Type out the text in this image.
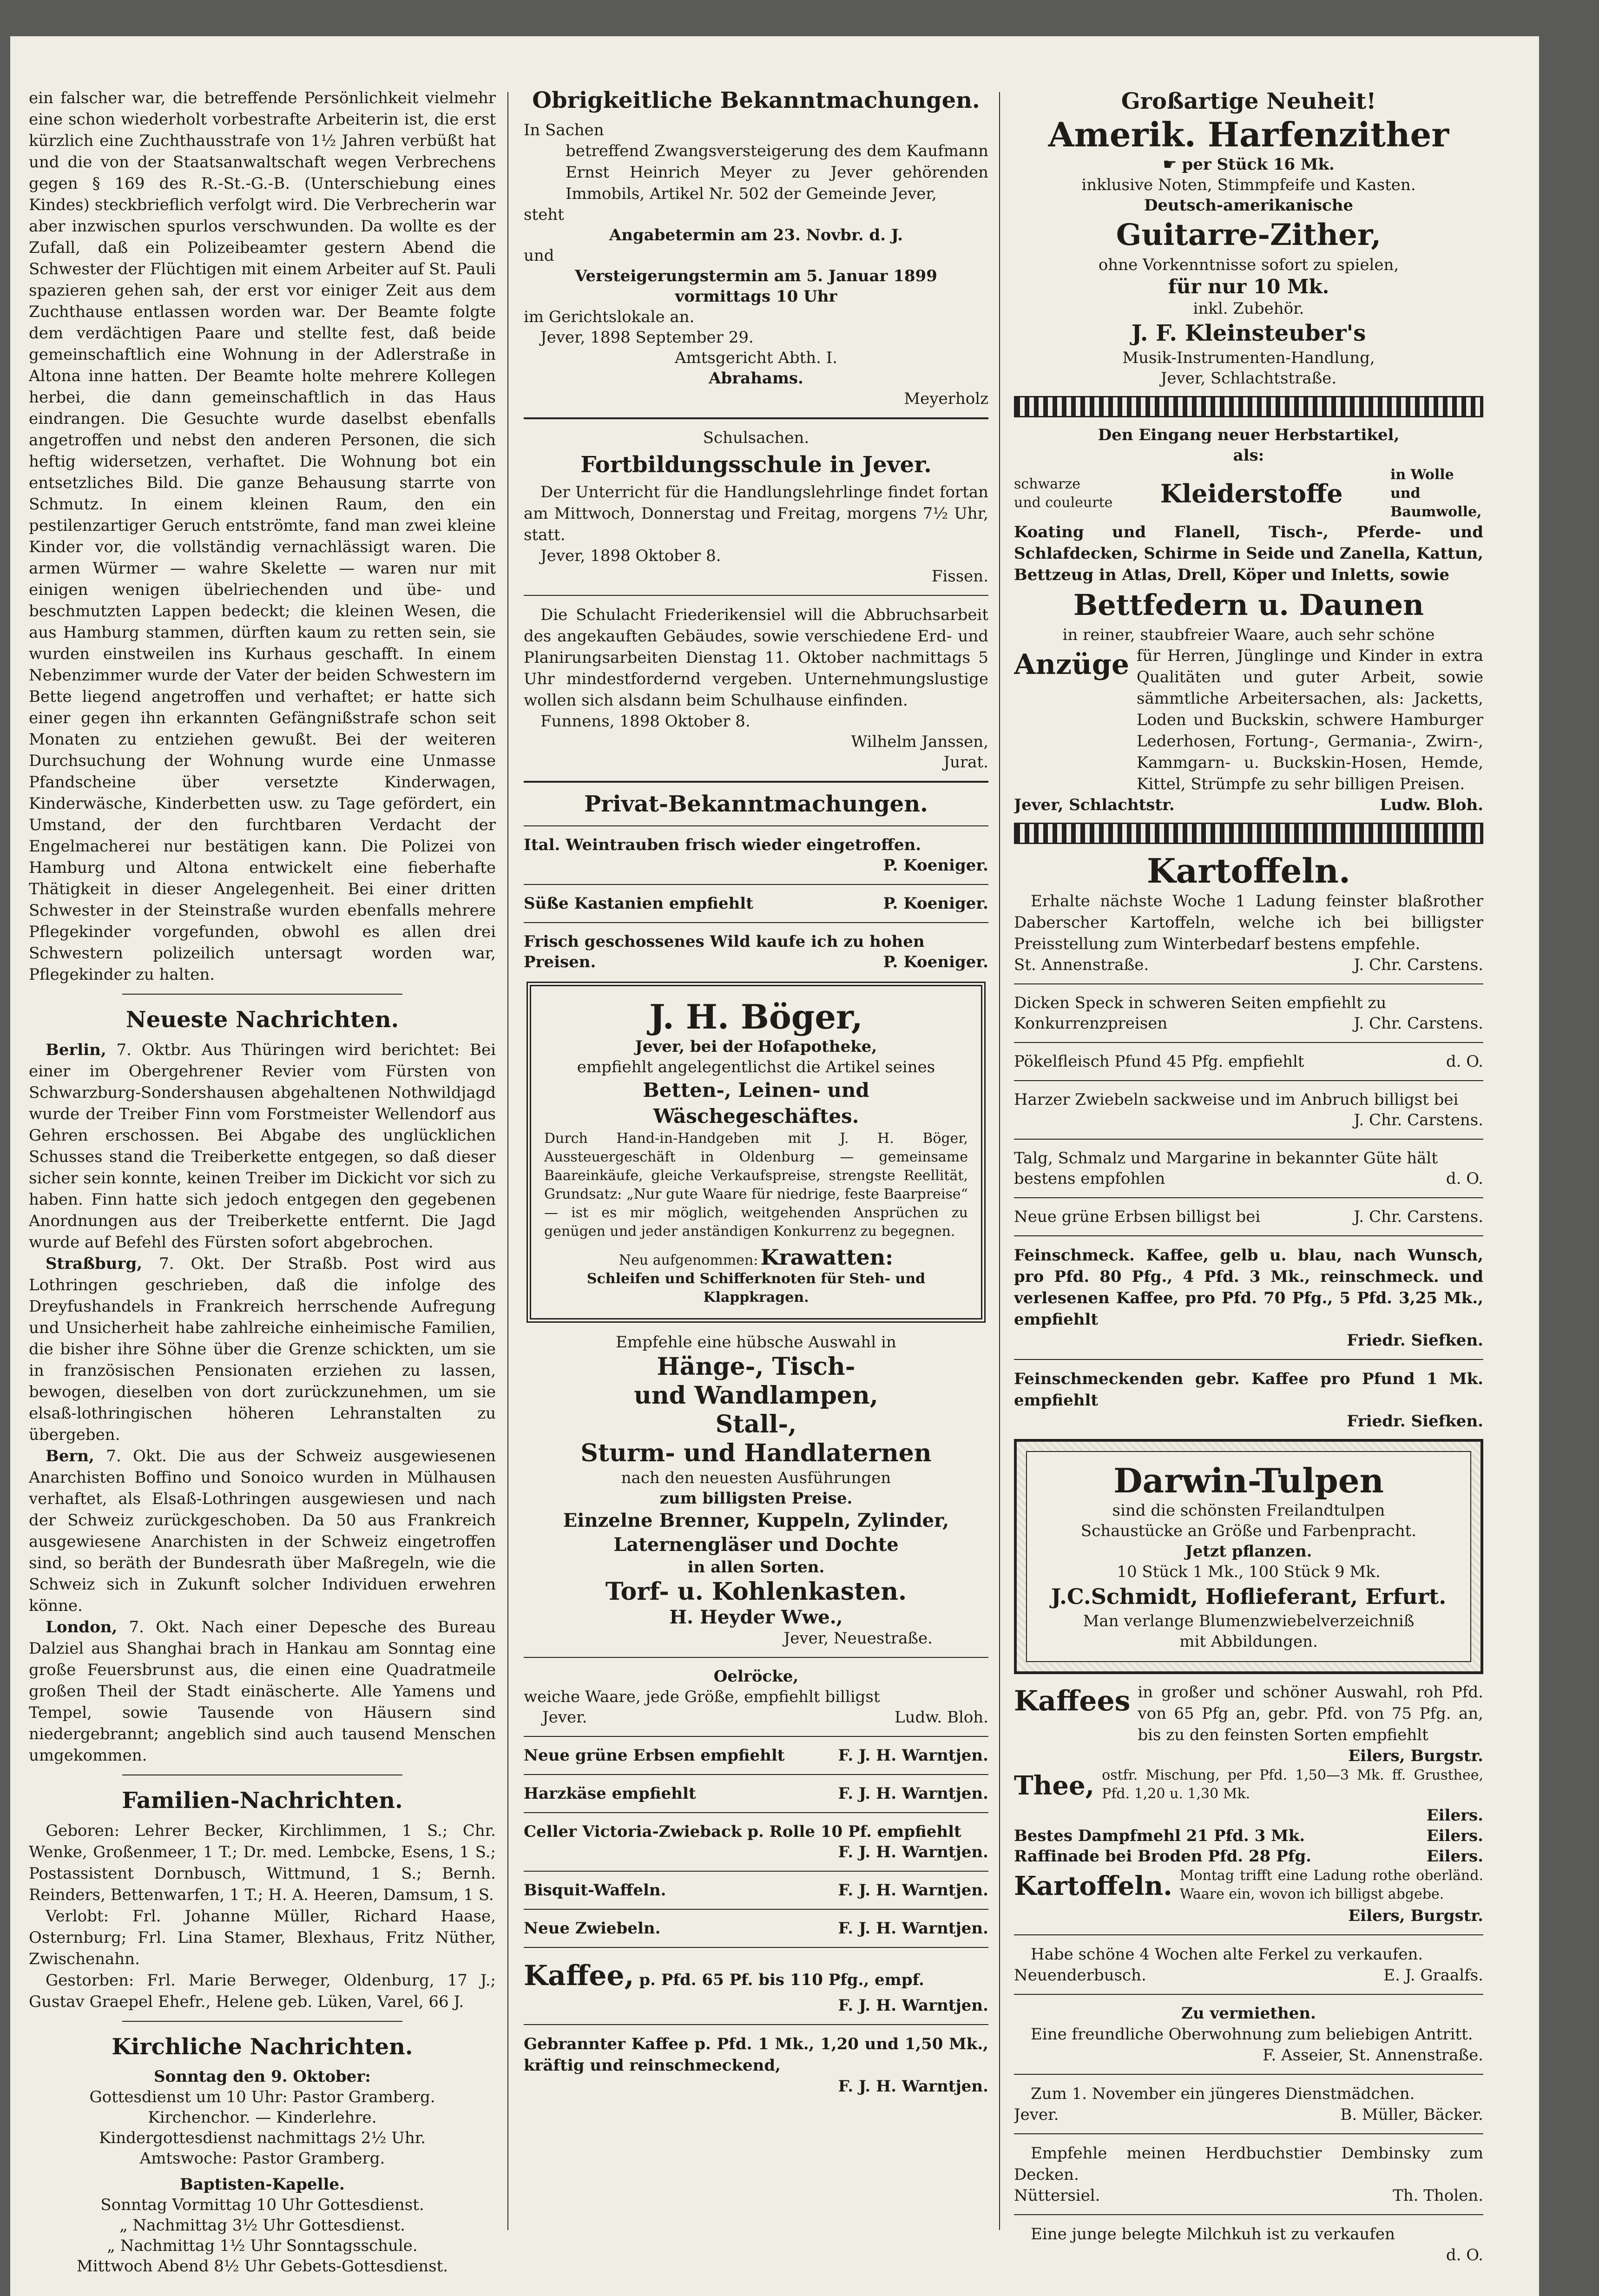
ein falscher war, die betreffende Persönlichkeit vielmehr eine schon wiederholt vorbestrafte Arbeiterin ist, die erst kürzlich eine Zuchthausstrafe von 1½ Jahren verbüßt hat und die von der Staatsanwaltschaft wegen Verbrechens gegen § 169 des R.-St.-G.-B. (Unterschiebung eines Kindes) steckbrieflich verfolgt wird. Die Verbrecherin war aber inzwischen spurlos verschwunden. Da wollte es der Zufall, daß ein Polizeibeamter gestern Abend die Schwester der Flüchtigen mit einem Arbeiter auf St. Pauli spazieren gehen sah, der erst vor einiger Zeit aus dem Zuchthause entlassen worden war. Der Beamte folgte dem verdächtigen Paare und stellte fest, daß beide gemeinschaftlich eine Wohnung in der Adlerstraße in Altona inne hatten. Der Beamte holte mehrere Kollegen herbei, die dann gemeinschaftlich in das Haus eindrangen. Die Gesuchte wurde daselbst ebenfalls angetroffen und nebst den anderen Personen, die sich heftig widersetzen, verhaftet. Die Wohnung bot ein entsetzliches Bild. Die ganze Behausung starrte von Schmutz. In einem kleinen Raum, den ein pestilenzartiger Geruch entströmte, fand man zwei kleine Kinder vor, die vollständig vernachlässigt waren. Die armen Würmer — wahre Skelette — waren nur mit einigen wenigen übelriechenden und übe- und beschmutzten Lappen bedeckt; die kleinen Wesen, die aus Hamburg stammen, dürften kaum zu retten sein, sie wurden einstweilen ins Kurhaus geschafft. In einem Nebenzimmer wurde der Vater der beiden Schwestern im Bette liegend angetroffen und verhaftet; er hatte sich einer gegen ihn erkannten Gefängnißstrafe schon seit Monaten zu entziehen gewußt. Bei der weiteren Durchsuchung der Wohnung wurde eine Unmasse Pfandscheine über versetzte Kinderwagen, Kinderwäsche, Kinderbetten usw. zu Tage gefördert, ein Umstand, der den furchtbaren Verdacht der Engelmacherei nur bestätigen kann. Die Polizei von Hamburg und Altona entwickelt eine fieberhafte Thätigkeit in dieser Angelegenheit. Bei einer dritten Schwester in der Steinstraße wurden ebenfalls mehrere Pflegekinder vorgefunden, obwohl es allen drei Schwestern polizeilich untersagt worden war, Pflegekinder zu halten.

Neueste Nachrichten.

Berlin, 7. Oktbr. Aus Thüringen wird berichtet: Bei einer im Obergehrener Revier vom Fürsten von Schwarzburg-Sondershausen abgehaltenen Nothwildjagd wurde der Treiber Finn vom Forstmeister Wellendorf aus Gehren erschossen. Bei Abgabe des unglücklichen Schusses stand die Treiberkette entgegen, so daß dieser sicher sein konnte, keinen Treiber im Dickicht vor sich zu haben. Finn hatte sich jedoch entgegen den gegebenen Anordnungen aus der Treiberkette entfernt. Die Jagd wurde auf Befehl des Fürsten sofort abgebrochen.

Straßburg, 7. Okt. Der Straßb. Post wird aus Lothringen geschrieben, daß die infolge des Dreyfushandels in Frankreich herrschende Aufregung und Unsicherheit habe zahlreiche einheimische Familien, die bisher ihre Söhne über die Grenze schickten, um sie in französischen Pensionaten erziehen zu lassen, bewogen, dieselben von dort zurückzunehmen, um sie elsaß-lothringischen höheren Lehranstalten zu übergeben.

Bern, 7. Okt. Die aus der Schweiz ausgewiesenen Anarchisten Boffino und Sonoico wurden in Mülhausen verhaftet, als Elsaß-Lothringen ausgewiesen und nach der Schweiz zurückgeschoben. Da 50 aus Frankreich ausgewiesene Anarchisten in der Schweiz eingetroffen sind, so beräth der Bundesrath über Maßregeln, wie die Schweiz sich in Zukunft solcher Individuen erwehren könne.

London, 7. Okt. Nach einer Depesche des Bureau Dalziel aus Shanghai brach in Hankau am Sonntag eine große Feuersbrunst aus, die einen eine Quadratmeile großen Theil der Stadt einäscherte. Alle Yamens und Tempel, sowie Tausende von Häusern sind niedergebrannt; angeblich sind auch tausend Menschen umgekommen.

Familien-Nachrichten.

Geboren: Lehrer Becker, Kirchlimmen, 1 S.; Chr. Wenke, Großenmeer, 1 T.; Dr. med. Lembcke, Esens, 1 S.; Postassistent Dornbusch, Wittmund, 1 S.; Bernh. Reinders, Bettenwarfen, 1 T.; H. A. Heeren, Damsum, 1 S.

Verlobt: Frl. Johanne Müller, Richard Haase, Osternburg; Frl. Lina Stamer, Blexhaus, Fritz Nüther, Zwischenahn.

Gestorben: Frl. Marie Berweger, Oldenburg, 17 J.; Gustav Graepel Ehefr., Helene geb. Lüken, Varel, 66 J.

Kirchliche Nachrichten.
Sonntag den 9. Oktober:
Gottesdienst um 10 Uhr: Pastor Gramberg.
Kirchenchor. — Kinderlehre.
Kindergottesdienst nachmittags 2½ Uhr.
Amtswoche: Pastor Gramberg.
Baptisten-Kapelle.
Sonntag Vormittag 10 Uhr Gottesdienst.
„ Nachmittag 3½ Uhr Gottesdienst.
„ Nachmittag 1½ Uhr Sonntagsschule.
Mittwoch Abend 8½ Uhr Gebets-Gottesdienst.
Obrigkeitliche Bekanntmachungen.

In Sachen

betreffend Zwangsversteigerung des dem Kaufmann Ernst Heinrich Meyer zu Jever gehörenden Immobils, Artikel Nr. 502 der Gemeinde Jever,

steht

Angabetermin am 23. Novbr. d. J.

und

Versteigerungstermin am 5. Januar 1899

vormittags 10 Uhr

im Gerichtslokale an.

Jever, 1898 September 29.

Amtsgericht Abth. I.

Abrahams.

Meyerholz

Schulsachen.
Fortbildungsschule in Jever.

Der Unterricht für die Handlungslehrlinge findet fortan am Mittwoch, Donnerstag und Freitag, morgens 7½ Uhr, statt.

Jever, 1898 Oktober 8.

Fissen.

Die Schulacht Friederikensiel will die Abbruchsarbeit des angekauften Gebäudes, sowie verschiedene Erd- und Planirungsarbeiten Dienstag 11. Oktober nachmittags 5 Uhr mindestfordernd vergeben. Unternehmungslustige wollen sich alsdann beim Schulhause einfinden.

Funnens, 1898 Oktober 8.

Wilhelm Janssen,

Jurat.

Privat-Bekanntmachungen.
Ital. Weintrauben frisch wieder eingetroffen.
P. Koeniger.
Süße Kastanien empfiehlt	P. Koeniger.
Frisch geschossenes Wild kaufe ich zu hohen Preisen.	P. Koeniger.
J. H. Böger,
Jever, bei der Hofapotheke,
empfiehlt angelegentlichst die Artikel seines
Betten-, Leinen- und Wäschegeschäftes.

Durch Hand-in-Handgeben mit J. H. Böger, Aussteuergeschäft in Oldenburg — gemeinsame Baareinkäufe, gleiche Verkaufspreise, strengste Reellität, Grundsatz: „Nur gute Waare für niedrige, feste Baarpreise“ — ist es mir möglich, weitgehenden Ansprüchen zu genügen und jeder anständigen Konkurrenz zu begegnen.

Neu aufgenommen: Krawatten:
Schleifen und Schifferknoten für Steh- und Klappkragen.
Empfehle eine hübsche Auswahl in
Hänge-, Tisch-
und Wandlampen,
Stall-,
Sturm- und Handlaternen
nach den neuesten Ausführungen
zum billigsten Preise.
Einzelne Brenner, Kuppeln, Zylinder,
Laternengläser und Dochte
in allen Sorten.
Torf- u. Kohlenkasten.
H. Heyder Wwe.,
Jever, Neuestraße.
Oelröcke,
weiche Waare, jede Größe, empfiehlt billigst
Jever.	Ludw. Bloh.
Neue grüne Erbsen empfiehlt	F. J. H. Warntjen.
Harzkäse empfiehlt	F. J. H. Warntjen.
Celler Victoria-Zwieback p. Rolle 10 Pf. empfiehlt
F. J. H. Warntjen.
Bisquit-Waffeln.	F. J. H. Warntjen.
Neue Zwiebeln.	F. J. H. Warntjen.
Kaffee, p. Pfd. 65 Pf. bis 110 Pfg., empf.
F. J. H. Warntjen.

Gebrannter Kaffee p. Pfd. 1 Mk., 1,20 und 1,50 Mk., kräftig und reinschmeckend,

F. J. H. Warntjen.
Großartige Neuheit!
Amerik. Harfenzither
☛ per Stück 16 Mk.
inklusive Noten, Stimmpfeife und Kasten.
Deutsch-amerikanische
Guitarre-Zither,
ohne Vorkenntnisse sofort zu spielen,
für nur 10 Mk.
inkl. Zubehör.
J. F. Kleinsteuber's
Musik-Instrumenten-Handlung,
Jever, Schlachtstraße.
Den Eingang neuer Herbstartikel,
als:
schwarze
und couleurte Kleiderstoffe
in Wolle und Baumwolle,

Koating und Flanell, Tisch-, Pferde- und Schlafdecken, Schirme in Seide und Zanella, Kattun, Bettzeug in Atlas, Drell, Köper und Inletts, sowie

Bettfedern u. Daunen
in reiner, staubfreier Waare, auch sehr schöne
Anzüge für Herren, Jünglinge und Kinder in extra Qualitäten und guter Arbeit, sowie sämmtliche Arbeitersachen, als: Jacketts, Loden und Buckskin, schwere Hamburger Lederhosen, Fortung-, Germania-, Zwirn-, Kammgarn- u. Buckskin-Hosen, Hemde, Kittel, Strümpfe zu sehr billigen Preisen.

Jever, Schlachtstr.	Ludw. Bloh.
Kartoffeln.

Erhalte nächste Woche 1 Ladung feinster blaßrother Daberscher Kartoffeln, welche ich bei billigster Preisstellung zum Winterbedarf bestens empfehle.

St. Annenstraße.	J. Chr. Carstens.
Dicken Speck in schweren Seiten empfiehlt zu Konkurrenzpreisen	J. Chr. Carstens.
Pökelfleisch Pfund 45 Pfg. empfiehlt	d. O.
Harzer Zwiebeln sackweise und im Anbruch billigst bei
J. Chr. Carstens.
Talg, Schmalz und Margarine in bekannter Güte hält bestens empfohlen	d. O.
Neue grüne Erbsen billigst bei	J. Chr. Carstens.

Feinschmeck. Kaffee, gelb u. blau, nach Wunsch, pro Pfd. 80 Pfg., 4 Pfd. 3 Mk., reinschmeck. und verlesenen Kaffee, pro Pfd. 70 Pfg., 5 Pfd. 3,25 Mk., empfiehlt

Friedr. Siefken.

Feinschmeckenden gebr. Kaffee pro Pfund 1 Mk. empfiehlt

Friedr. Siefken.
Darwin-Tulpen
sind die schönsten Freilandtulpen
Schaustücke an Größe und Farbenpracht.
Jetzt pflanzen.
10 Stück 1 Mk., 100 Stück 9 Mk.
J.C.Schmidt, Hoflieferant, Erfurt.
Man verlange Blumenzwiebelverzeichniß
mit Abbildungen.
Kaffees in großer und schöner Auswahl, roh Pfd. von 65 Pfg an, gebr. Pfd. von 75 Pfg. an, bis zu den feinsten Sorten empfiehlt

Eilers, Burgstr.
Thee, ostfr. Mischung, per Pfd. 1,50—3 Mk. ff. Grusthee, Pfd. 1,20 u. 1,30 Mk.

Eilers.
Bestes Dampfmehl 21 Pfd. 3 Mk.	Eilers.
Raffinade bei Broden Pfd. 28 Pfg.	Eilers.
Kartoffeln. Montag trifft eine Ladung rothe oberländ. Waare ein, wovon ich billigst abgebe.

Eilers, Burgstr.

Habe schöne 4 Wochen alte Ferkel zu verkaufen.

Neuenderbusch.	E. J. Graalfs.
Zu vermiethen.

Eine freundliche Oberwohnung zum beliebigen Antritt.

F. Asseier, St. Annenstraße.

Zum 1. November ein jüngeres Dienstmädchen.

Jever.	B. Müller, Bäcker.

Empfehle meinen Herdbuchstier Dembinsky zum Decken.

Nüttersiel.	Th. Tholen.

Eine junge belegte Milchkuh ist zu verkaufen

d. O.
